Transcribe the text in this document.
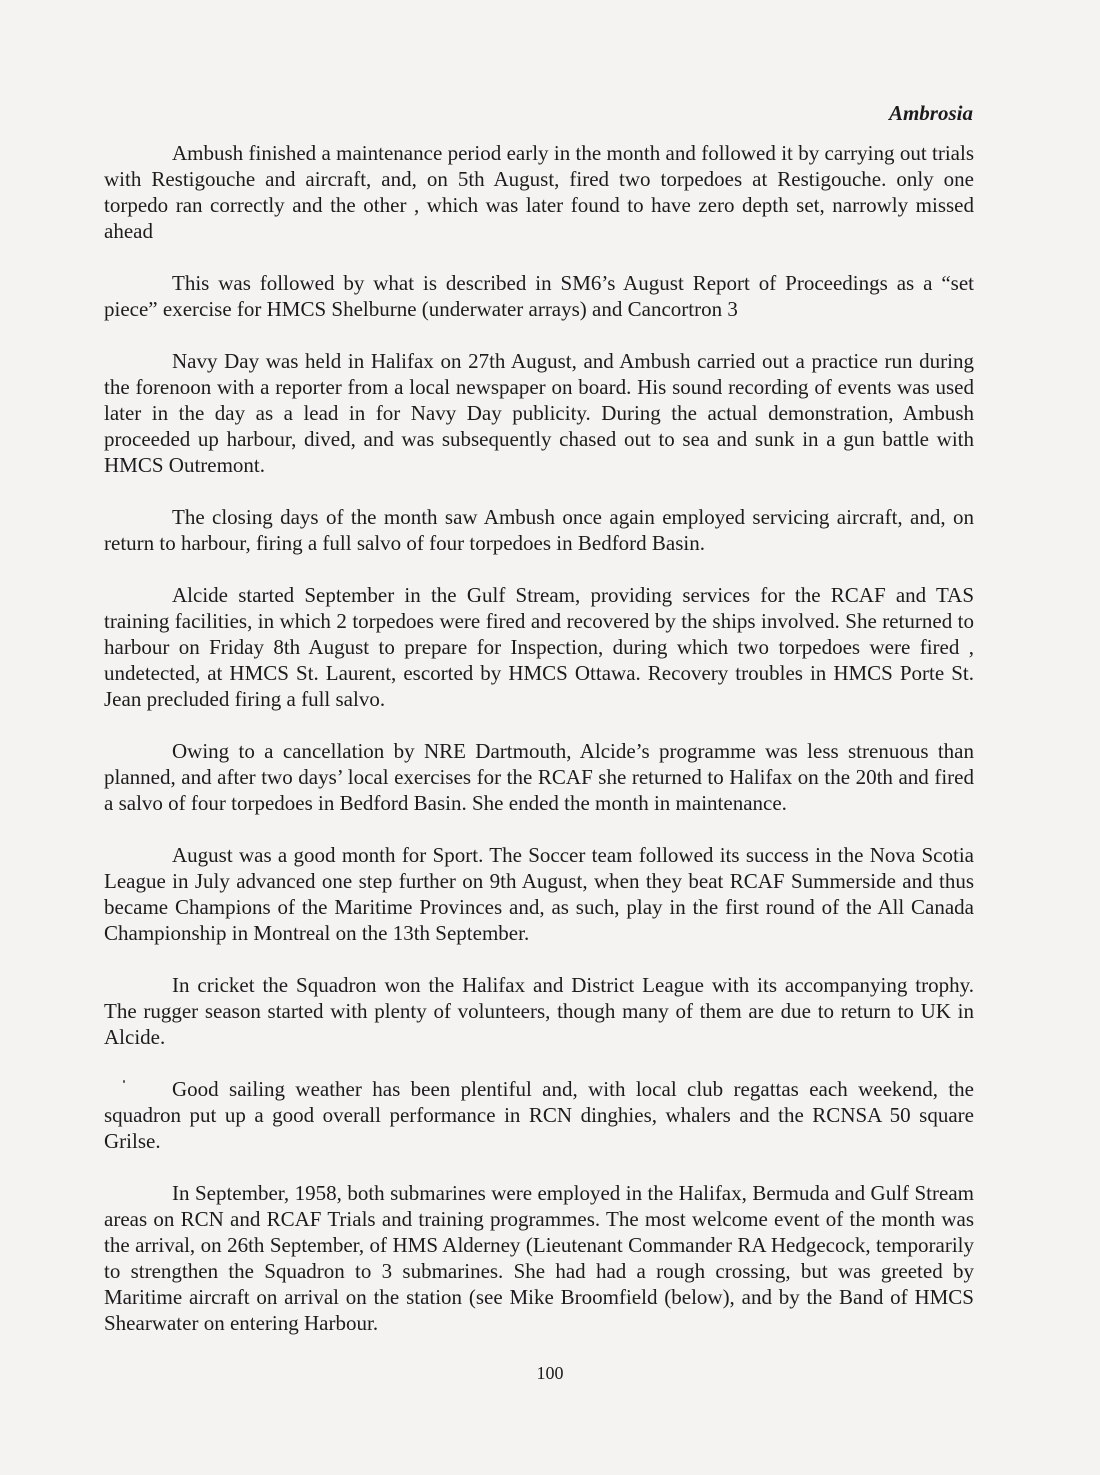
Ambrosia

Ambush finished a maintenance period early in the month and followed it by carrying out trials with Restigouche and aircraft, and, on 5th August, fired two torpedoes at Restigouche. only one torpedo ran correctly and the other , which was later found to have zero depth set, narrowly missed ahead

This was followed by what is described in SM6’s August Report of Proceedings as a “set piece” exercise for HMCS Shelburne (underwater arrays) and Cancortron 3

Navy Day was held in Halifax on 27th August, and Ambush carried out a practice run during the forenoon with a reporter from a local newspaper on board. His sound recording of events was used later in the day as a lead in for Navy Day publicity. During the actual demonstration, Ambush proceeded up harbour, dived, and was subsequently chased out to sea and sunk in a gun battle with HMCS Outremont.

The closing days of the month saw Ambush once again employed servicing aircraft, and, on return to harbour, firing a full salvo of four torpedoes in Bedford Basin.

Alcide started September in the Gulf Stream, providing services for the RCAF and TAS training facilities, in which 2 torpedoes were fired and recovered by the ships involved. She returned to harbour on Friday 8th August to prepare for Inspection, during which two torpedoes were fired , undetected, at HMCS St. Laurent, escorted by HMCS Ottawa. Recovery troubles in HMCS Porte St. Jean precluded firing a full salvo.

Owing to a cancellation by NRE Dartmouth, Alcide’s programme was less strenuous than planned, and after two days’ local exercises for the RCAF she returned to Halifax on the 20th and fired a salvo of four torpedoes in Bedford Basin. She ended the month in maintenance.

August was a good month for Sport. The Soccer team followed its success in the Nova Scotia League in July advanced one step further on 9th August, when they beat RCAF Summerside and thus became Champions of the Maritime Provinces and, as such, play in the first round of the All Canada Championship in Montreal on the 13th September.

In cricket the Squadron won the Halifax and District League with its accompanying trophy. The rugger season started with plenty of volunteers, though many of them are due to return to UK in Alcide.

Good sailing weather has been plentiful and, with local club regattas each weekend, the squadron put up a good overall performance in RCN dinghies, whalers and the RCNSA 50 square Grilse.

In September, 1958, both submarines were employed in the Halifax, Bermuda and Gulf Stream areas on RCN and RCAF Trials and training programmes. The most welcome event of the month was the arrival, on 26th September, of HMS Alderney (Lieutenant Commander RA Hedgecock, temporarily to strengthen the Squadron to 3 submarines. She had had a rough crossing, but was greeted by Maritime aircraft on arrival on the station (see Mike Broomfield (below), and by the Band of HMCS Shearwater on entering Harbour.

100
